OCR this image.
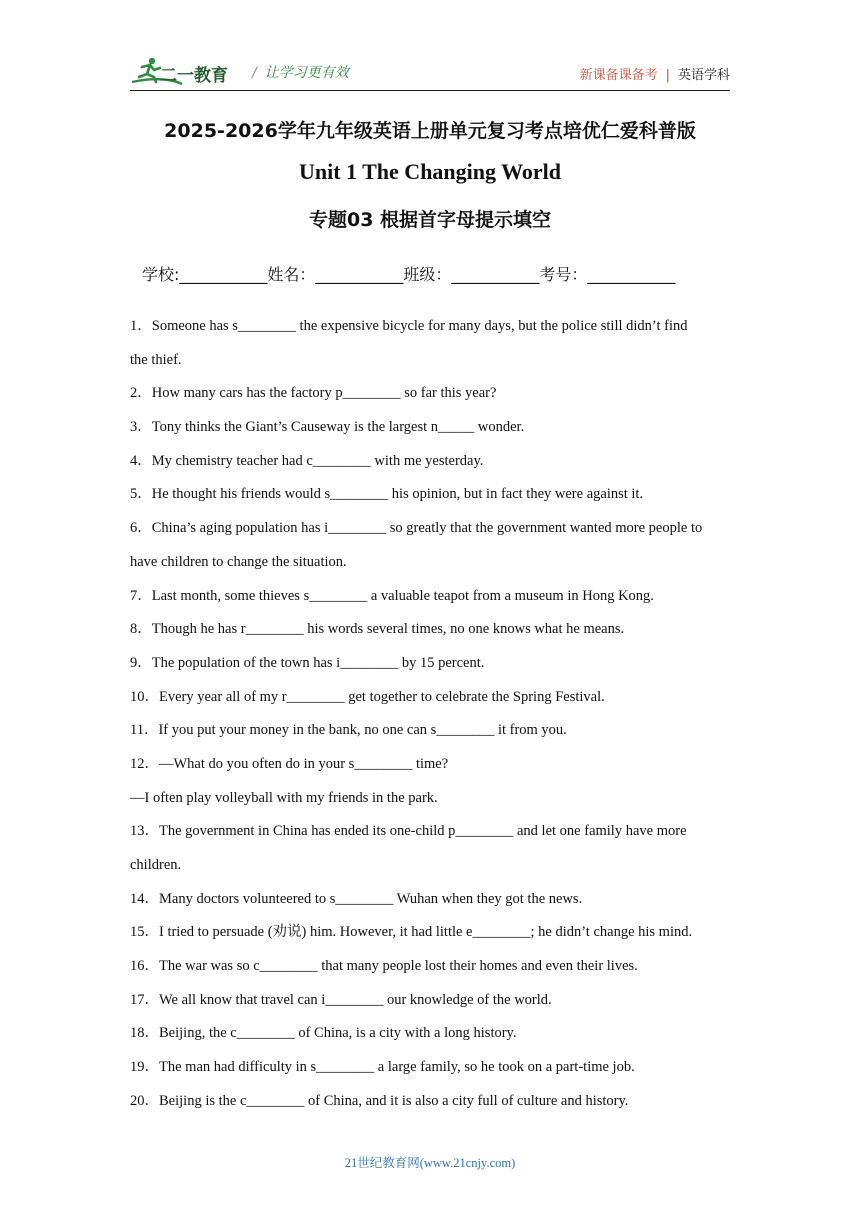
二一教育 / 让学习更有效	新课备课备考 | 英语学科
2025-2026学年九年级英语上册单元复习考点培优仁爱科普版
Unit 1 The Changing World
专题03 根据首字母提示填空
学校:___________姓名：___________班级：___________考号：___________
1．Someone has s________ the expensive bicycle for many days, but the police still didn’t find
the thief.
2．How many cars has the factory p________ so far this year?
3．Tony thinks the Giant’s Causeway is the largest n_____ wonder.
4．My chemistry teacher had c________ with me yesterday.
5．He thought his friends would s________ his opinion, but in fact they were against it.
6．China’s aging population has i________ so greatly that the government wanted more people to
have children to change the situation.
7．Last month, some thieves s________ a valuable teapot from a museum in Hong Kong.
8．Though he has r________ his words several times, no one knows what he means.
9．The population of the town has i________ by 15 percent.
10．Every year all of my r________ get together to celebrate the Spring Festival.
11．If you put your money in the bank, no one can s________ it from you.
12．—What do you often do in your s________ time?
—I often play volleyball with my friends in the park.
13．The government in China has ended its one-child p________ and let one family have more
children.
14．Many doctors volunteered to s________ Wuhan when they got the news.
15．I tried to persuade (劝说) him. However, it had little e________; he didn’t change his mind.
16．The war was so c________ that many people lost their homes and even their lives.
17．We all know that travel can i________ our knowledge of the world.
18．Beijing, the c________ of China, is a city with a long history.
19．The man had difficulty in s________ a large family, so he took on a part-time job.
20．Beijing is the c________ of China, and it is also a city full of culture and history.
21世纪教育网(www.21cnjy.com)
